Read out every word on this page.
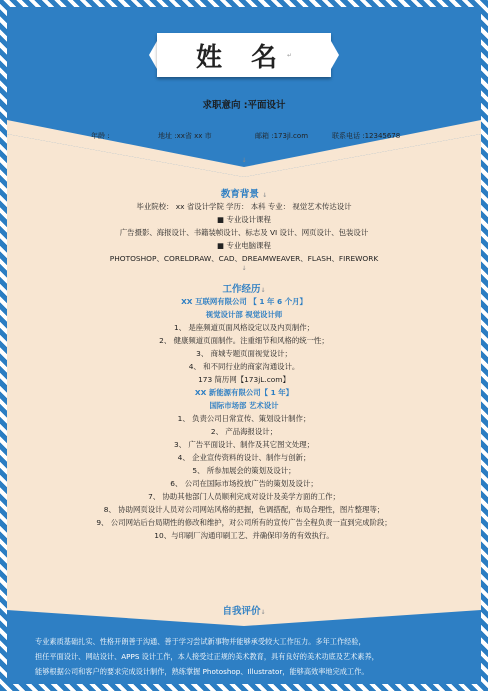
姓 名 ↵
求职意向 :平面设计
年龄 :	地址 :xx省 xx 市	邮箱 :173jl.com	联系电话 :12345678
↓
教育背景 ↓
毕业院校： xx 省设计学院 学历： 本科 专业： 视觉艺术传达设计
■ 专业设计课程
广告摄影、海报设计、书籍装帧设计、标志及 VI 设计、网页设计、包装设计
■ 专业电脑课程
PHOTOSHOP、CORELDRAW、CAD、DREAMWEAVER、FLASH、FIREWORK
↓
工作经历↓
XX 互联网有限公司 【 1 年 6 个月】
视觉设计部 视觉设计师
1、 是座频道页面风格设定以及内页制作；
2、 健康频道页面制作。注重细节和风格的统一性；
3、 商城专题页面视觉设计；
4、 和不同行业的商家沟通设计。
173 简历网【173jL.com】
XX 新能源有限公司【 1 年】
国际市场部 艺术设计
1、 负责公司日常宣传、策划设计制作；
2、 产品海报设计；
3、 广告平面设计、制作及其它图文处理；
4、 企业宣传资料的设计、制作与创新；
5、 所参加展会的策划及设计；
6、 公司在国际市场投放广告的策划及设计；
7、 协助其他部门人员顺利完成对设计及美学方面的工作；
8、 协助网页设计人员对公司网站风格的把握，色调搭配，布局合理性，图片整理等；
9、 公司网站后台局期性的修改和维护，对公司所有的宣传广告全程负责一直到完成阶段；
10、与印刷厂沟通印刷工艺、并确保印务的有效执行。
自我评价↓
专业素质基础扎实、性格开朗善于沟通、善于学习尝试新事物并能够承受较大工作压力。多年工作经验，
担任平面设计、网站设计、APPS 设计工作，本人接受过正规的美术教育，具有良好的美术功底及艺术素养，
能够根据公司和客户的要求完成设计制作，熟练掌握 Photoshop、Illustrator，能够高效率地完成工作。
